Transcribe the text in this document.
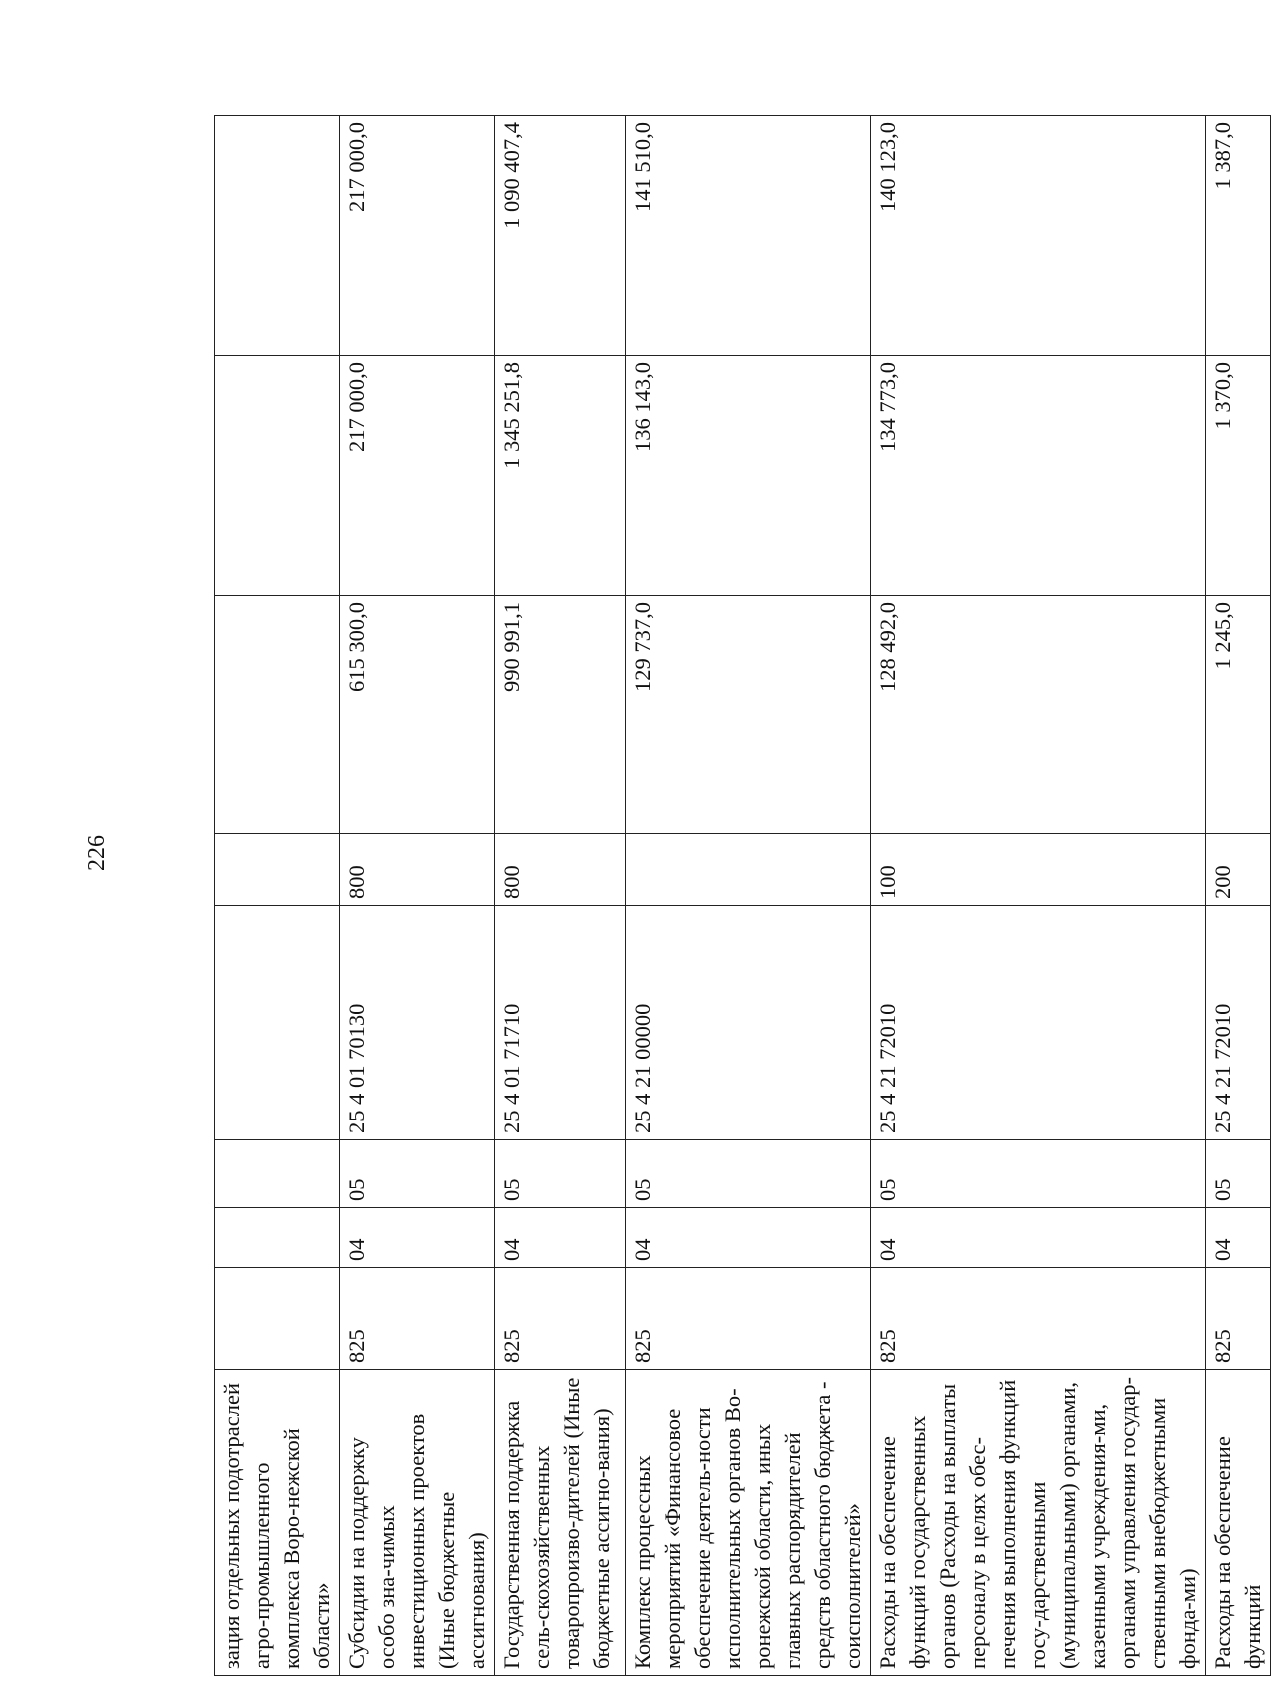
226
зация отдельных подотраслей агро-промышленного комплекса Воро-нежской области»								
Субсидии на поддержку особо зна-чимых инвестиционных проектов (Иные бюджетные ассигнования)	825	04	05	25 4 01 70130	800	615 300,0	217 000,0	217 000,0
Государственная поддержка сель-скохозяйственных товаропроизво-дителей (Иные бюджетные ассигно-вания)	825	04	05	25 4 01 71710	800	990 991,1	1 345 251,8	1 090 407,4
Комплекс процессных мероприятий «Финансовое обеспечение деятель-ности исполнительных органов Во-ронежской области, иных главных распорядителей средств областного бюджета - соисполнителей»	825	04	05	25 4 21 00000		129 737,0	136 143,0	141 510,0
Расходы на обеспечение функций государственных органов (Расходы на выплаты персоналу в целях обес-печения выполнения функций госу-дарственными (муниципальными) органами, казенными учреждения-ми, органами управления государ-ственными внебюджетными фонда-ми)	825	04	05	25 4 21 72010	100	128 492,0	134 773,0	140 123,0
Расходы на обеспечение функций	825	04	05	25 4 21 72010	200	1 245,0	1 370,0	1 387,0
